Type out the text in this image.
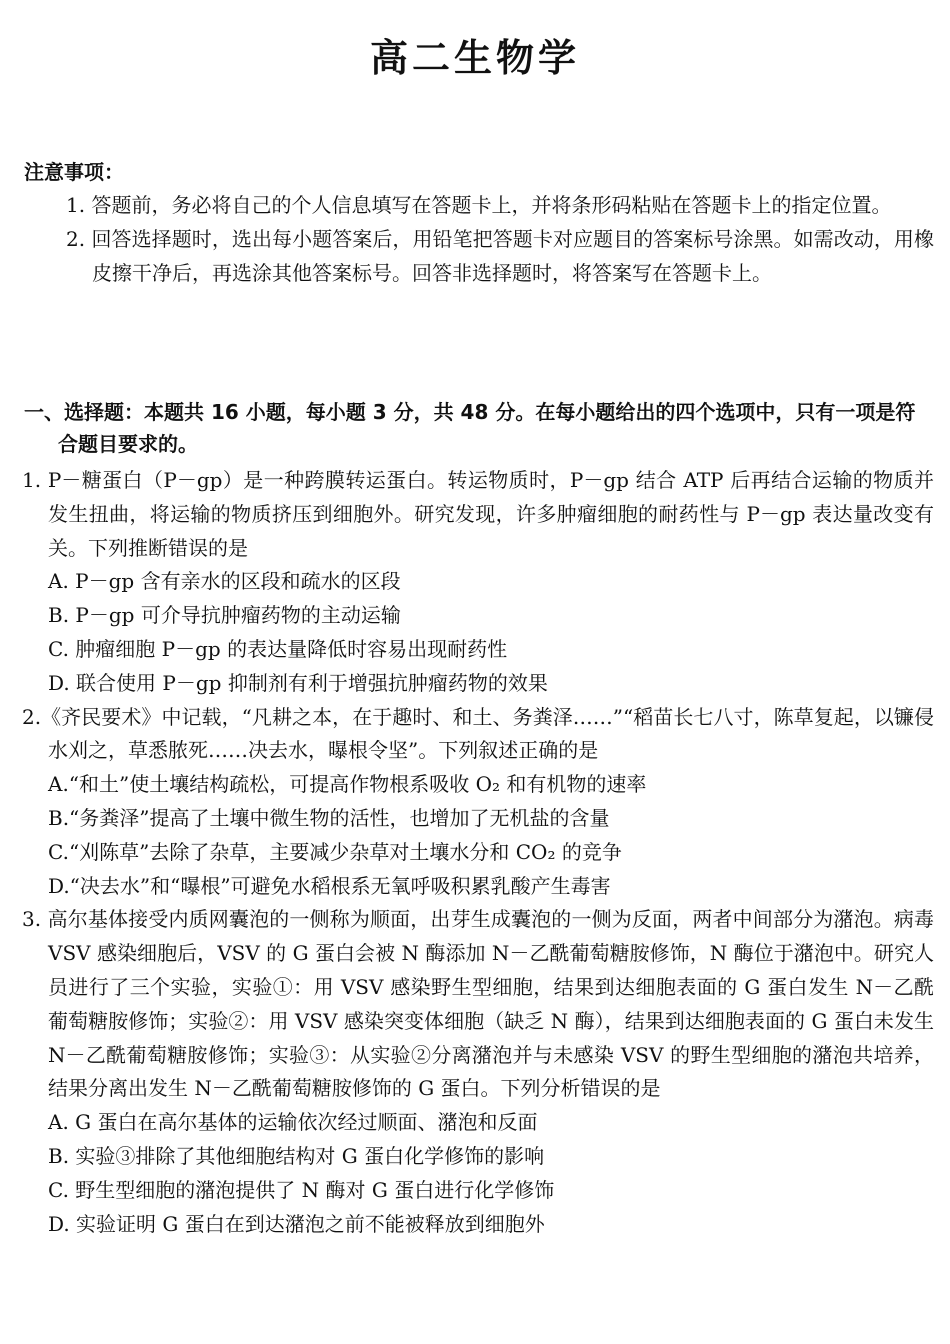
高二生物学
注意事项：
1. 答题前，务必将自己的个人信息填写在答题卡上，并将条形码粘贴在答题卡上的指定位置。
2. 回答选择题时，选出每小题答案后，用铅笔把答题卡对应题目的答案标号涂黑。如需改动，用橡皮擦干净后，再选涂其他答案标号。回答非选择题时，将答案写在答题卡上。
一、选择题：本题共 16 小题，每小题 3 分，共 48 分。在每小题给出的四个选项中，只有一项是符合题目要求的。
1. P－糖蛋白（P－gp）是一种跨膜转运蛋白。转运物质时，P－gp 结合 ATP 后再结合运输的物质并发生扭曲，将运输的物质挤压到细胞外。研究发现，许多肿瘤细胞的耐药性与 P－gp 表达量改变有关。下列推断错误的是
A. P－gp 含有亲水的区段和疏水的区段
B. P－gp 可介导抗肿瘤药物的主动运输
C. 肿瘤细胞 P－gp 的表达量降低时容易出现耐药性
D. 联合使用 P－gp 抑制剂有利于增强抗肿瘤药物的效果
2.《齐民要术》中记载，“凡耕之本，在于趣时、和土、务粪泽……”“稻苗长七八寸，陈草复起，以镰侵水刈之，草悉脓死……决去水，曝根令坚”。下列叙述正确的是
A.“和土”使土壤结构疏松，可提高作物根系吸收 O₂ 和有机物的速率
B.“务粪泽”提高了土壤中微生物的活性，也增加了无机盐的含量
C.“刈陈草”去除了杂草，主要减少杂草对土壤水分和 CO₂ 的竞争
D.“决去水”和“曝根”可避免水稻根系无氧呼吸积累乳酸产生毒害
3. 高尔基体接受内质网囊泡的一侧称为顺面，出芽生成囊泡的一侧为反面，两者中间部分为潴泡。病毒 VSV 感染细胞后，VSV 的 G 蛋白会被 N 酶添加 N－乙酰葡萄糖胺修饰，N 酶位于潴泡中。研究人员进行了三个实验，实验①：用 VSV 感染野生型细胞，结果到达细胞表面的 G 蛋白发生 N－乙酰葡萄糖胺修饰；实验②：用 VSV 感染突变体细胞（缺乏 N 酶），结果到达细胞表面的 G 蛋白未发生 N－乙酰葡萄糖胺修饰；实验③：从实验②分离潴泡并与未感染 VSV 的野生型细胞的潴泡共培养，结果分离出发生 N－乙酰葡萄糖胺修饰的 G 蛋白。下列分析错误的是
A. G 蛋白在高尔基体的运输依次经过顺面、潴泡和反面
B. 实验③排除了其他细胞结构对 G 蛋白化学修饰的影响
C. 野生型细胞的潴泡提供了 N 酶对 G 蛋白进行化学修饰
D. 实验证明 G 蛋白在到达潴泡之前不能被释放到细胞外
